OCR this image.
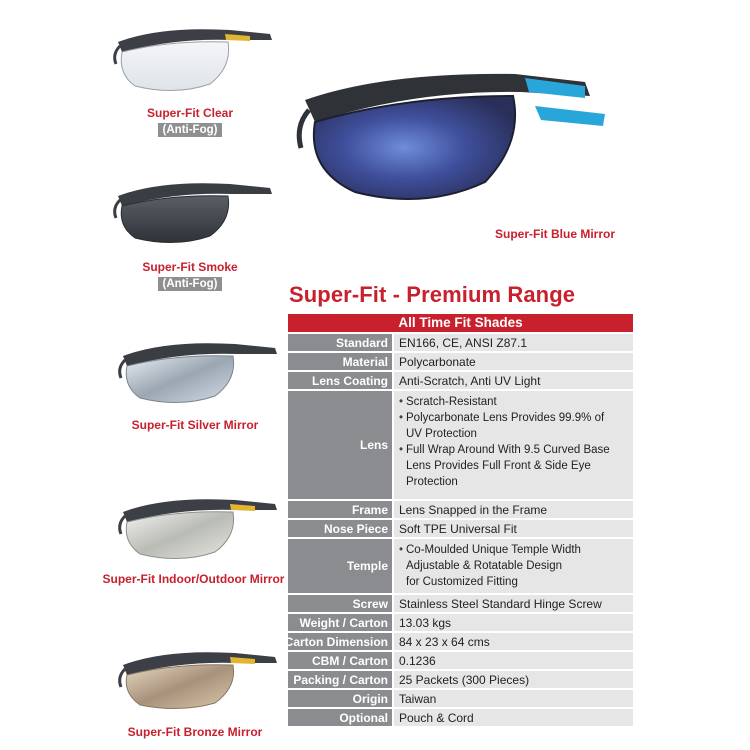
Super-Fit Clear
(Anti-Fog)
Super-Fit Smoke
(Anti-Fog)
Super-Fit Silver Mirror
Super-Fit Indoor/Outdoor Mirror
Super-Fit Bronze Mirror
Super-Fit Blue Mirror
Super-Fit - Premium Range
All Time Fit Shades
Standard EN166, CE, ANSI Z87.1
Material Polycarbonate
Lens Coating Anti-Scratch, Anti UV Light
Lens
• Scratch-Resistant
• Polycarbonate Lens Provides 99.9% of
UV Protection
• Full Wrap Around With 9.5 Curved Base
Lens Provides Full Front & Side Eye
Protection
Frame Lens Snapped in the Frame
Nose Piece Soft TPE Universal Fit
Temple
• Co-Moulded Unique Temple Width
Adjustable & Rotatable Design
for Customized Fitting
Screw Stainless Steel Standard Hinge Screw
Weight / Carton 13.03 kgs
Carton Dimension 84 x 23 x 64 cms
CBM / Carton 0.1236
Packing / Carton 25 Packets (300 Pieces)
Origin Taiwan
Optional Pouch & Cord
